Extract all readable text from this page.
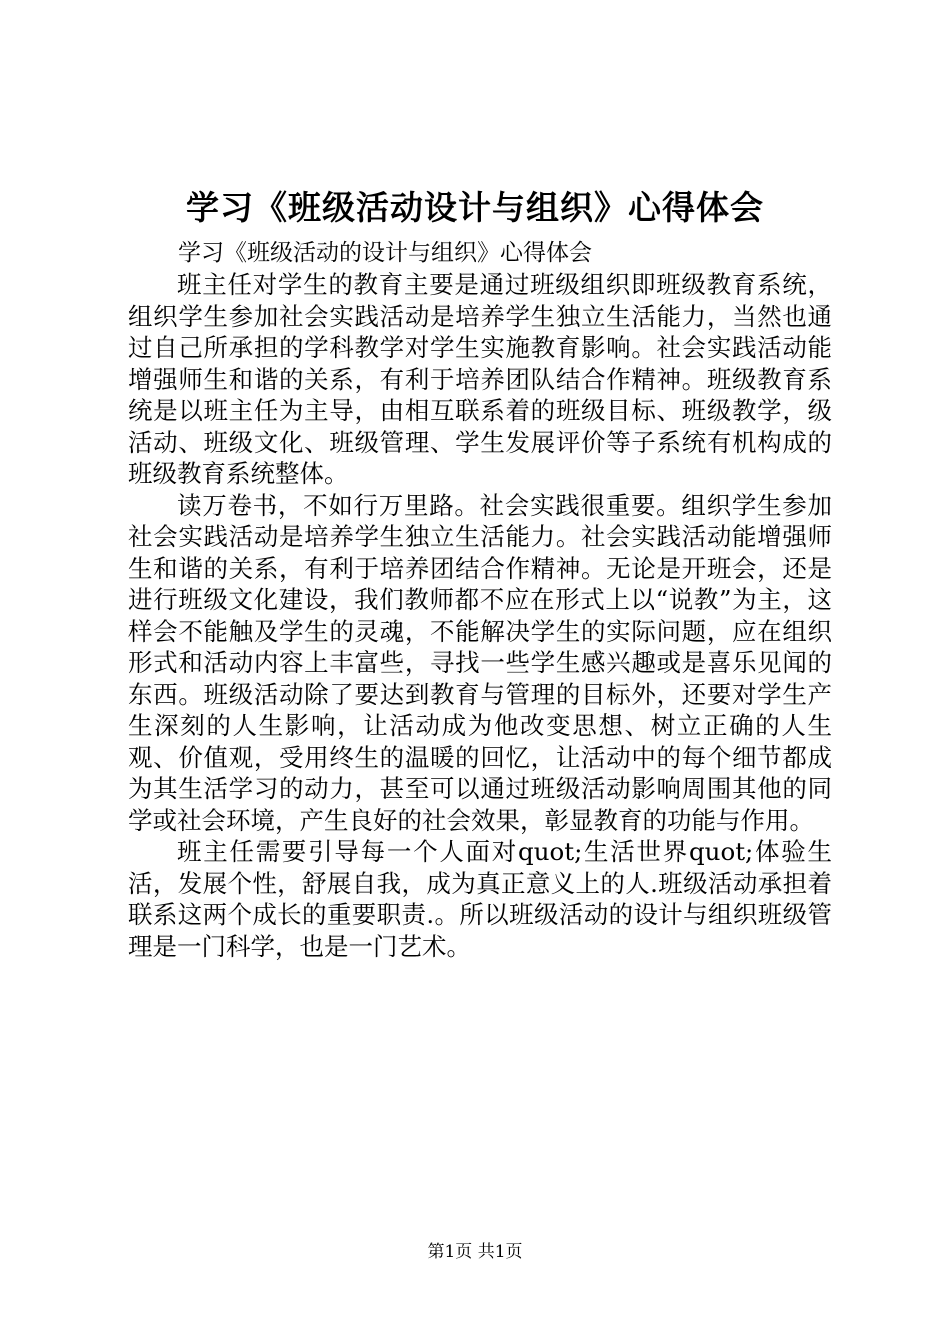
学习《班级活动设计与组织》心得体会

学习《班级活动的设计与组织》心得体会

班主任对学生的教育主要是通过班级组织即班级教育系统，组织学生参加社会实践活动是培养学生独立生活能力，当然也通过自己所承担的学科教学对学生实施教育影响。社会实践活动能增强师生和谐的关系，有利于培养团队结合作精神。班级教育系统是以班主任为主导，由相互联系着的班级目标、班级教学，级活动、班级文化、班级管理、学生发展评价等子系统有机构成的班级教育系统整体。

读万卷书，不如行万里路。社会实践很重要。组织学生参加社会实践活动是培养学生独立生活能力。社会实践活动能增强师生和谐的关系，有利于培养团结合作精神。无论是开班会，还是进行班级文化建设，我们教师都不应在形式上以“说教”为主，这样会不能触及学生的灵魂，不能解决学生的实际问题，应在组织形式和活动内容上丰富些，寻找一些学生感兴趣或是喜乐见闻的东西。班级活动除了要达到教育与管理的目标外，还要对学生产生深刻的人生影响，让活动成为他改变思想、树立正确的人生观、价值观，受用终生的温暖的回忆，让活动中的每个细节都成为其生活学习的动力，甚至可以通过班级活动影响周围其他的同学或社会环境，产生良好的社会效果，彰显教育的功能与作用。

班主任需要引导每一个人面对quot;生活世界quot;体验生活，发展个性，舒展自我，成为真正意义上的人.班级活动承担着联系这两个成长的重要职责.。所以班级活动的设计与组织班级管理是一门科学，也是一门艺术。

第1页 共1页
